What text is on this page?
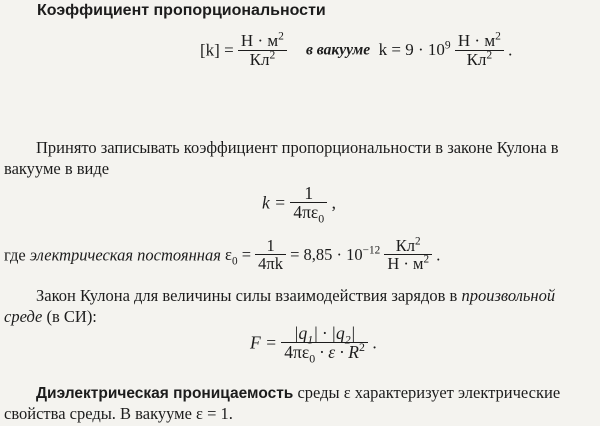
Коэффициент пропорциональности
$[k] = \frac{Н \cdot м^2}{Кл^2}$ в вакууме $k = 9 \cdot 10^9 \frac{Н \cdot м^2}{Кл^2}$ .
Принято записывать коэффициент пропорциональности в законе Кулона в
вакууме в виде
$k = \frac{1}{4\pi\varepsilon_0}$ ,
где электрическая постоянная $\varepsilon_0 = \frac{1}{4\pi k} = 8,85 \cdot 10^{-12} \frac{Кл^2}{Н \cdot м^2}$ .
Закон Кулона для величины силы взаимодействия зарядов в произвольной
среде (в СИ):
$F = \frac{|q_1| \cdot |q_2|}{4\pi\varepsilon_0 \cdot \varepsilon \cdot R^2}$ .
Диэлектрическая проницаемость среды ε характеризует электрические
свойства среды. В вакууме ε = 1.
